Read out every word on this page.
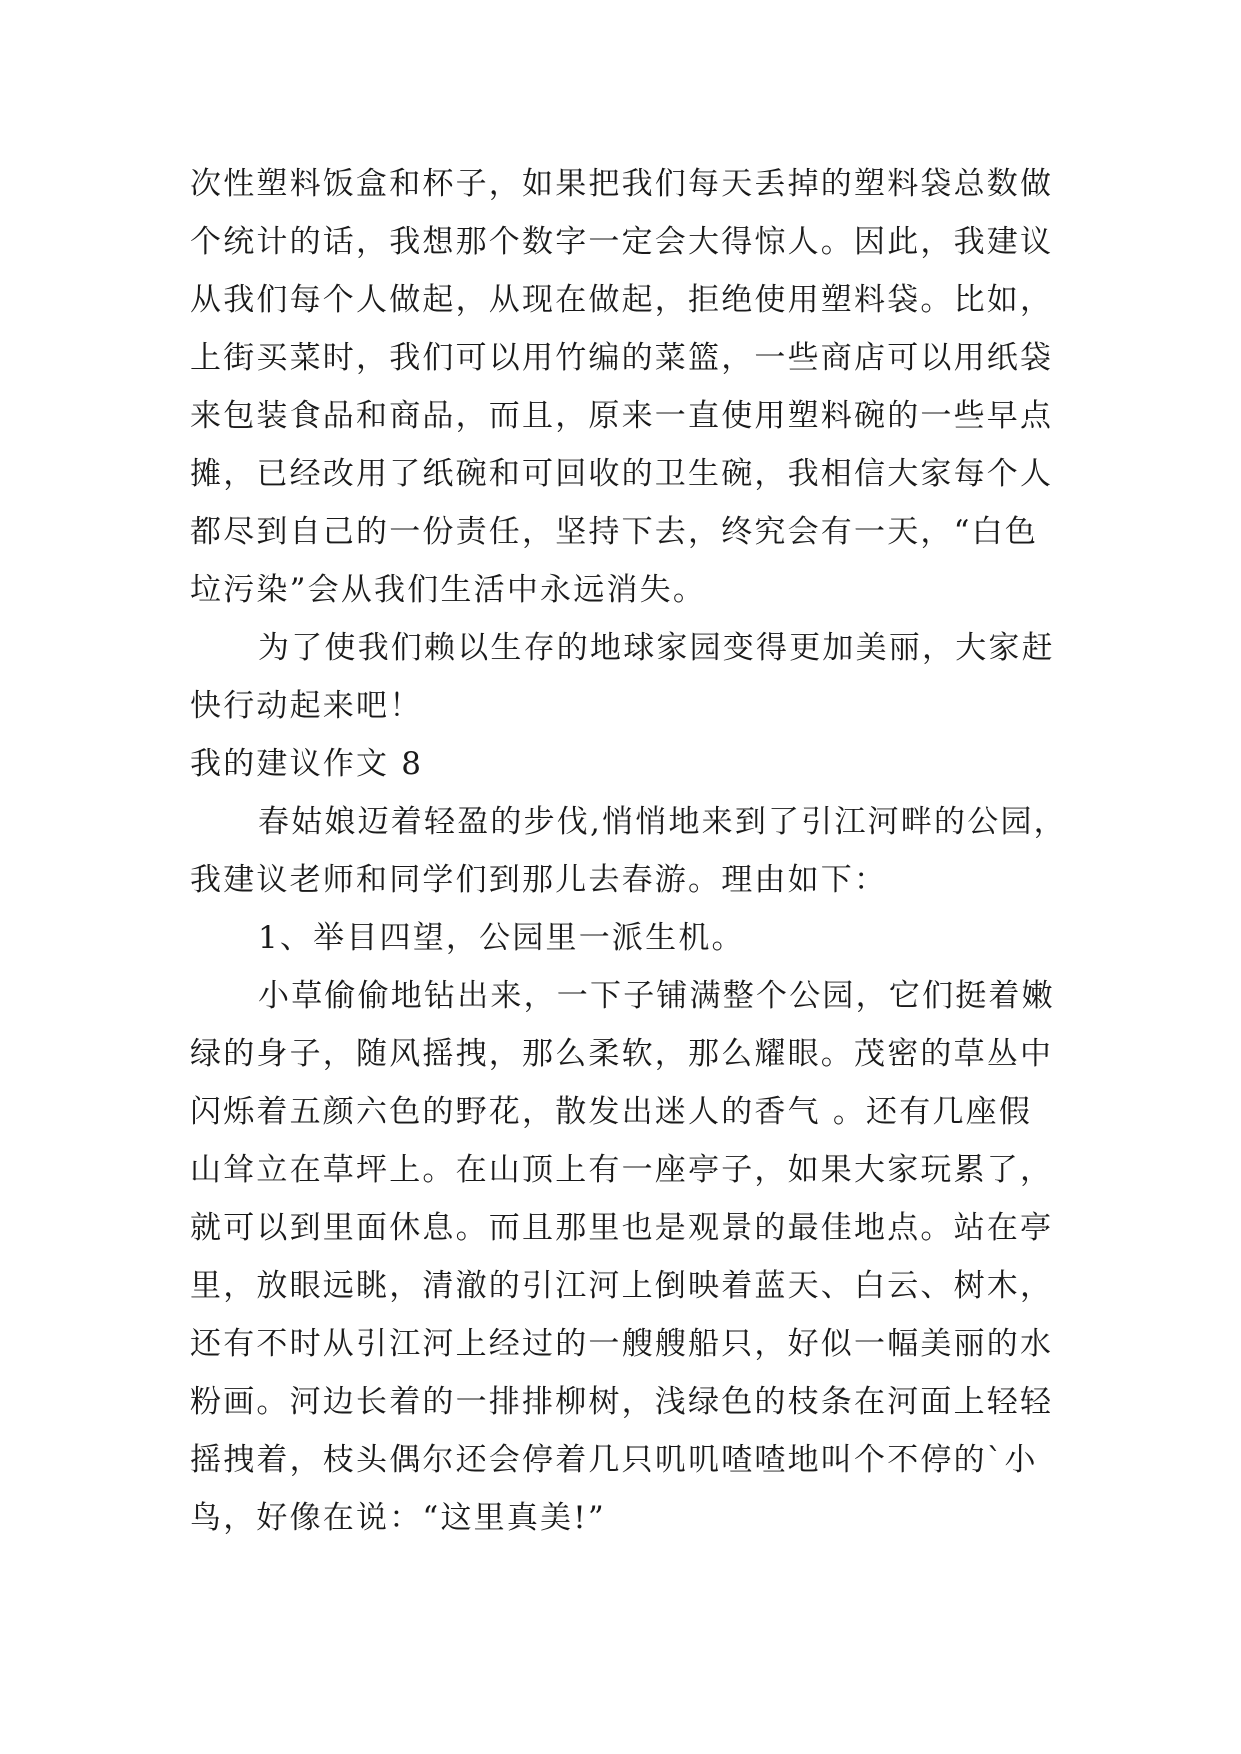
次性塑料饭盒和杯子，如果把我们每天丢掉的塑料袋总数做
个统计的话，我想那个数字一定会大得惊人。因此，我建议
从我们每个人做起，从现在做起，拒绝使用塑料袋。比如，
上街买菜时，我们可以用竹编的菜篮，一些商店可以用纸袋
来包装食品和商品，而且，原来一直使用塑料碗的一些早点
摊，已经改用了纸碗和可回收的卫生碗，我相信大家每个人
都尽到自己的一份责任，坚持下去，终究会有一天，“白色
垃污染”会从我们生活中永远消失。
为了使我们赖以生存的地球家园变得更加美丽，大家赶
快行动起来吧！
我的建议作文 8
春姑娘迈着轻盈的步伐,悄悄地来到了引江河畔的公园，
我建议老师和同学们到那儿去春游。理由如下：
1、举目四望，公园里一派生机。
小草偷偷地钻出来，一下子铺满整个公园，它们挺着嫩
绿的身子，随风摇拽，那么柔软，那么耀眼。茂密的草丛中
闪烁着五颜六色的野花，散发出迷人的香气 。还有几座假
山耸立在草坪上。在山顶上有一座亭子，如果大家玩累了，
就可以到里面休息。而且那里也是观景的最佳地点。站在亭
里，放眼远眺，清澈的引江河上倒映着蓝天、白云、树木，
还有不时从引江河上经过的一艘艘船只，好似一幅美丽的水
粉画。河边长着的一排排柳树，浅绿色的枝条在河面上轻轻
摇拽着，枝头偶尔还会停着几只叽叽喳喳地叫个不停的`小
鸟，好像在说：“这里真美!”
